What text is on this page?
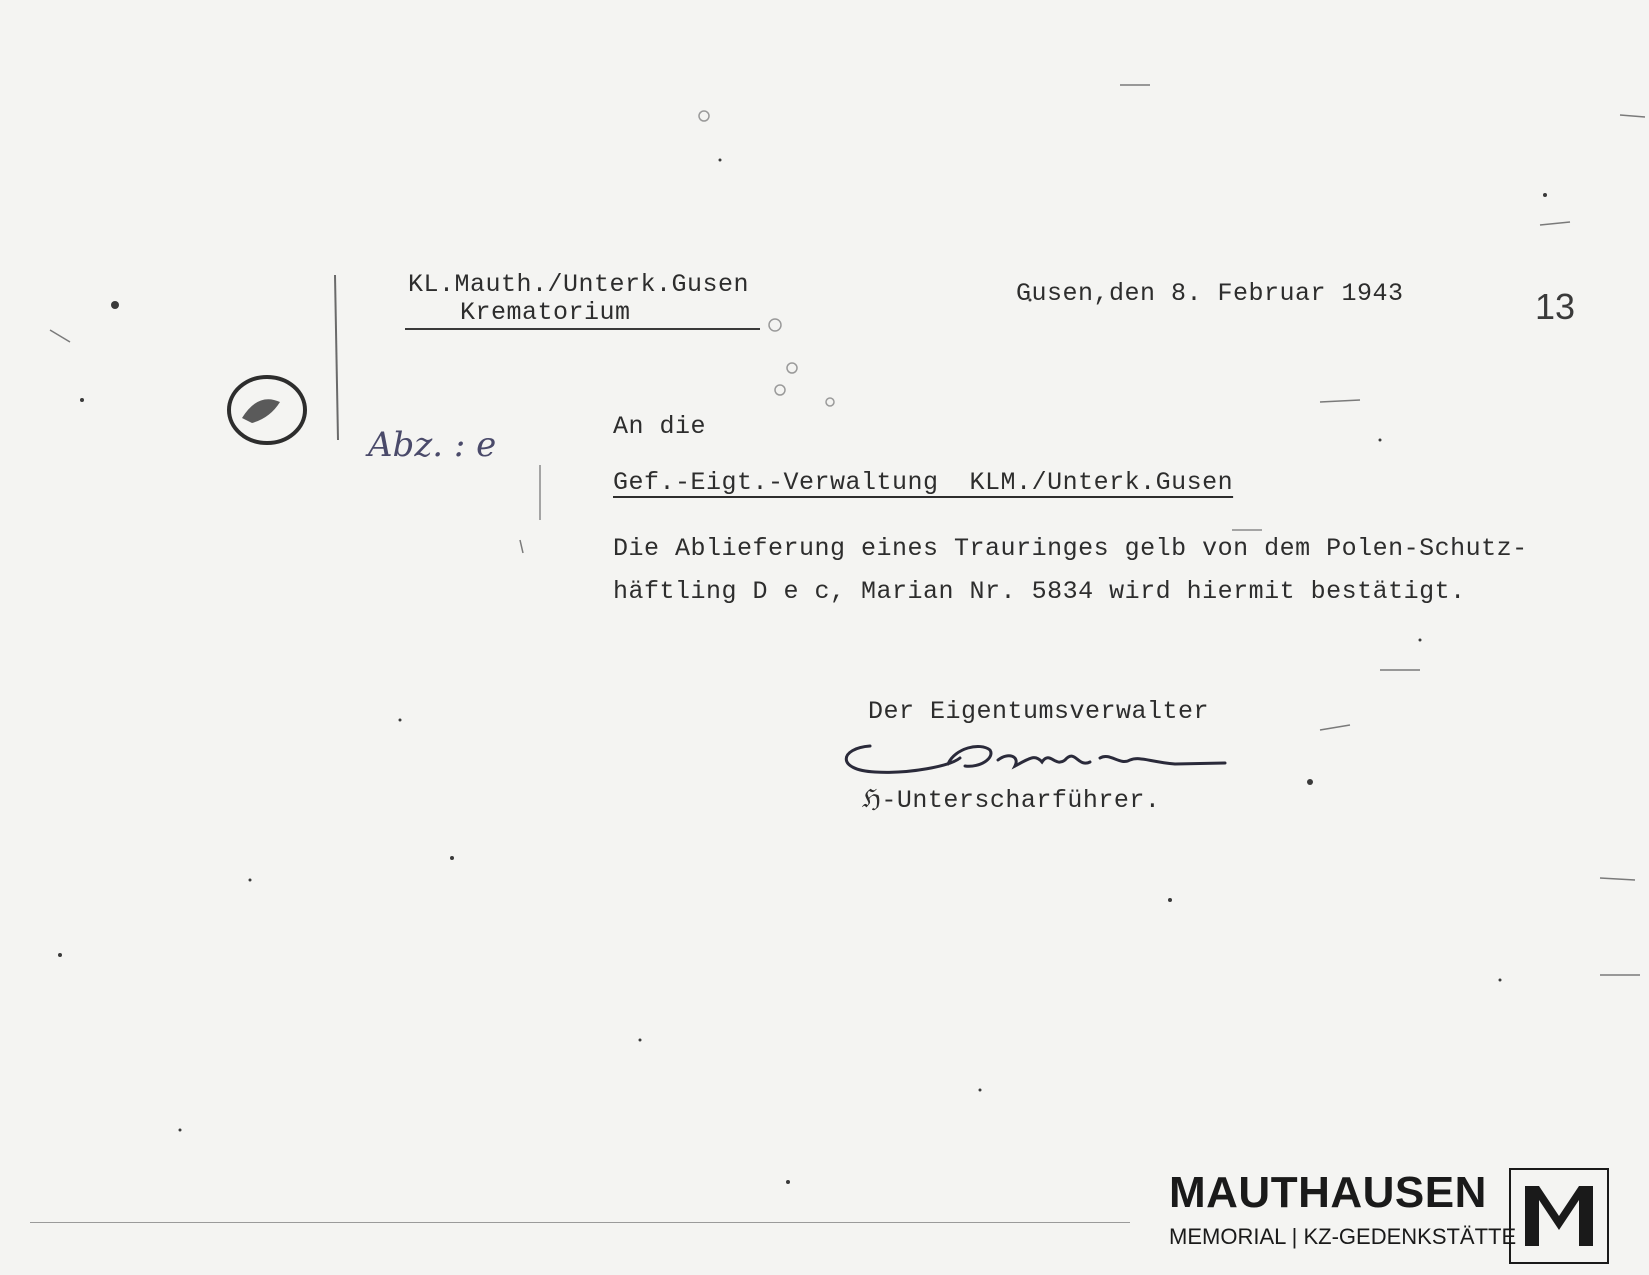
KL.Mauth./Unterk.Gusen
Krematorium
Gusen,den 8. Februar 1943	13
Abz. : e	An die
Gef.-Eigt.-Verwaltung  KLM./Unterk.Gusen
Die Ablieferung eines Trauringes gelb von dem Polen-Schutz-
häftling D e c, Marian Nr. 5834 wird hiermit bestätigt.
Der Eigentumsverwalter
ℌ-Unterscharführer.
MAUTHAUSEN
MEMORIAL | KZ-GEDENKSTÄTTE
